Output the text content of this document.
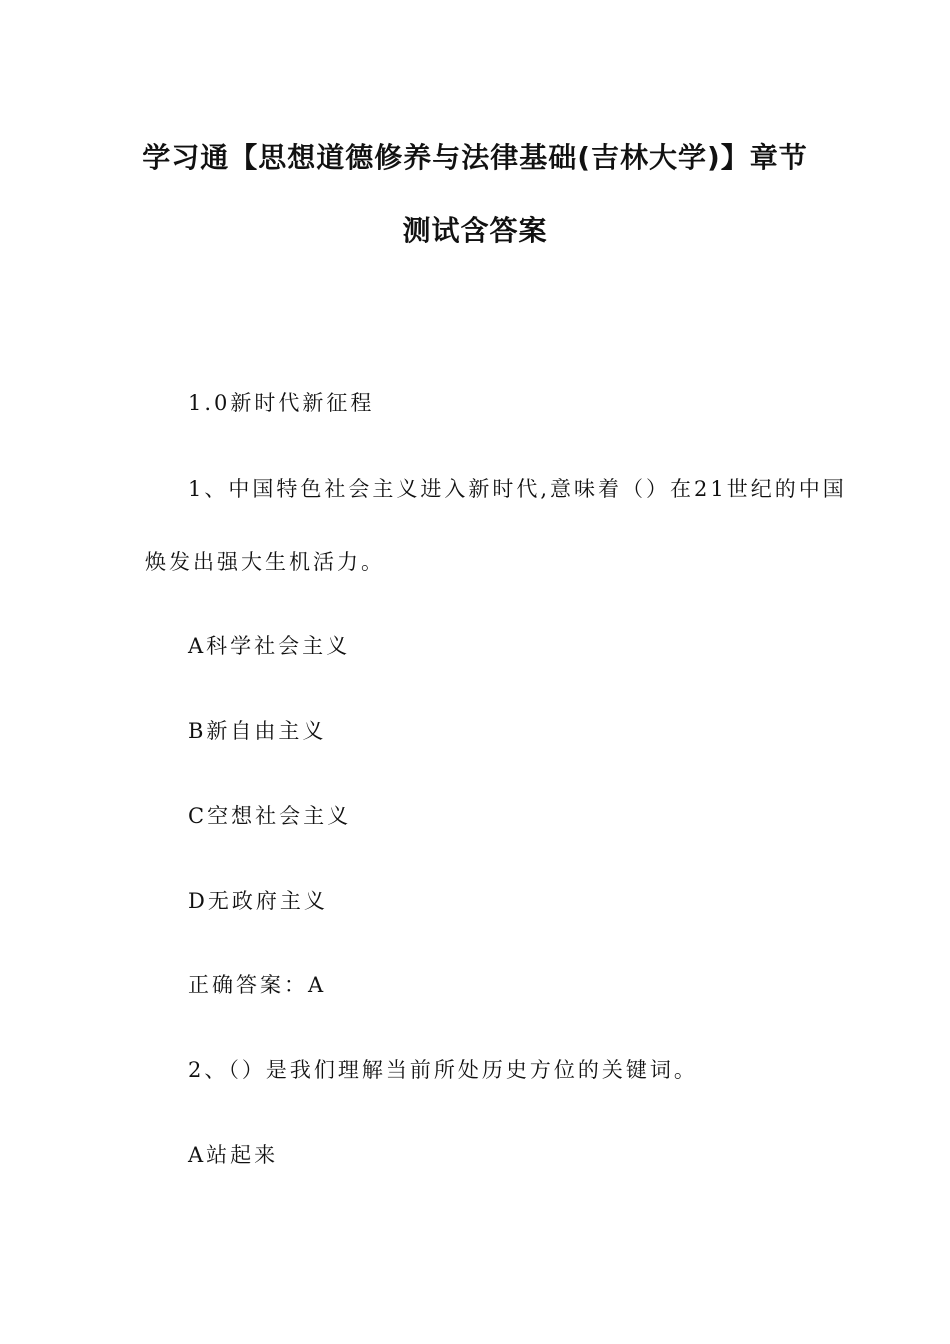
学习通【思想道德修养与法律基础(吉林大学)】章节
测试含答案
1.0新时代新征程
1、中国特色社会主义进入新时代,意味着（）在21世纪的中国
焕发出强大生机活力。
A科学社会主义
B新自由主义
C空想社会主义
D无政府主义
正确答案：A
2、（）是我们理解当前所处历史方位的关键词。
A站起来
